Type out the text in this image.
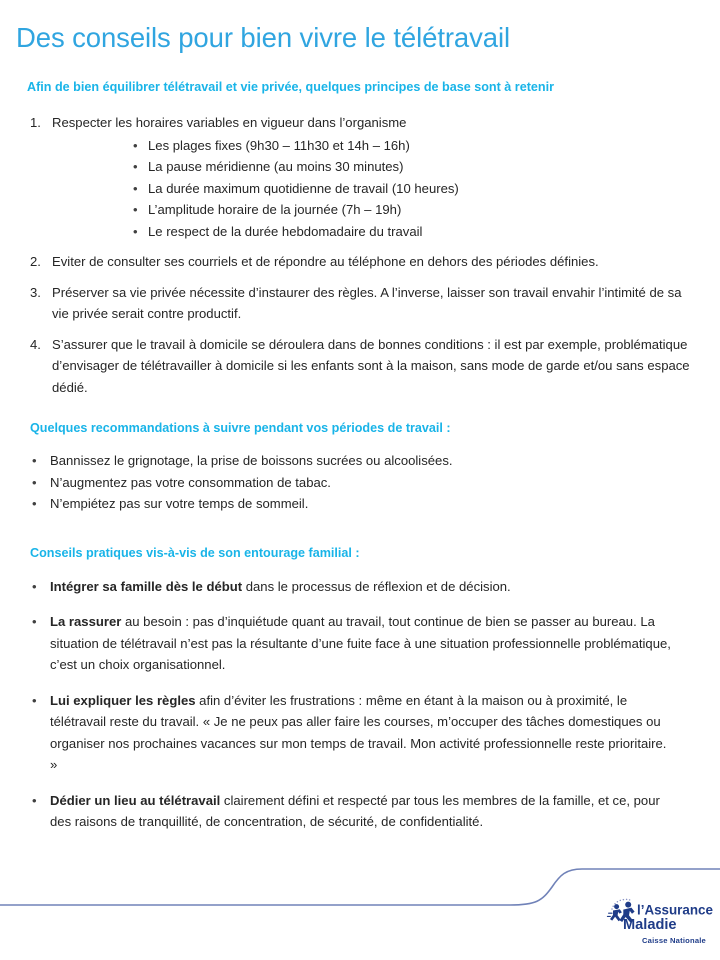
Des conseils pour bien vivre le télétravail
Afin de bien équilibrer télétravail et vie privée, quelques principes de base sont à retenir
1. Respecter les horaires variables en vigueur dans l’organisme
• Les plages fixes (9h30 – 11h30 et 14h – 16h)
• La pause méridienne (au moins 30 minutes)
• La durée maximum quotidienne de travail (10 heures)
• L’amplitude horaire de la journée (7h – 19h)
• Le respect de la durée hebdomadaire du travail
2. Eviter de consulter ses courriels et de répondre au téléphone en dehors des périodes définies.
3. Préserver sa vie privée nécessite d’instaurer des règles. A l’inverse, laisser son travail envahir l’intimité de sa vie privée serait contre productif.
4. S’assurer que le travail à domicile se déroulera dans de bonnes conditions : il est par exemple, problématique d’envisager de télétravailler à domicile si les enfants sont à la maison, sans mode de garde et/ou sans espace dédié.
Quelques recommandations à suivre pendant vos périodes de travail :
• Bannissez le grignotage, la prise de boissons sucrées ou alcoolisées.
• N’augmentez pas votre consommation de tabac.
• N’empiétez pas sur votre temps de sommeil.
Conseils pratiques vis-à-vis de son entourage familial :
• Intégrer sa famille dès le début dans le processus de réflexion et de décision.
• La rassurer au besoin : pas d’inquiétude quant au travail, tout continue de bien se passer au bureau. La situation de télétravail n’est pas la résultante d’une fuite face à une situation professionnelle problématique, c’est un choix organisationnel.
• Lui expliquer les règles afin d’éviter les frustrations : même en étant à la maison ou à proximité, le télétravail reste du travail. « Je ne peux pas aller faire les courses, m’occuper des tâches domestiques ou organiser nos prochaines vacances sur mon temps de travail. Mon activité professionnelle reste prioritaire. »
• Dédier un lieu au télétravail clairement défini et respecté par tous les membres de la famille, et ce, pour des raisons de tranquillité, de concentration, de sécurité, de confidentialité.
l’Assurance
Maladie
Caisse Nationale
